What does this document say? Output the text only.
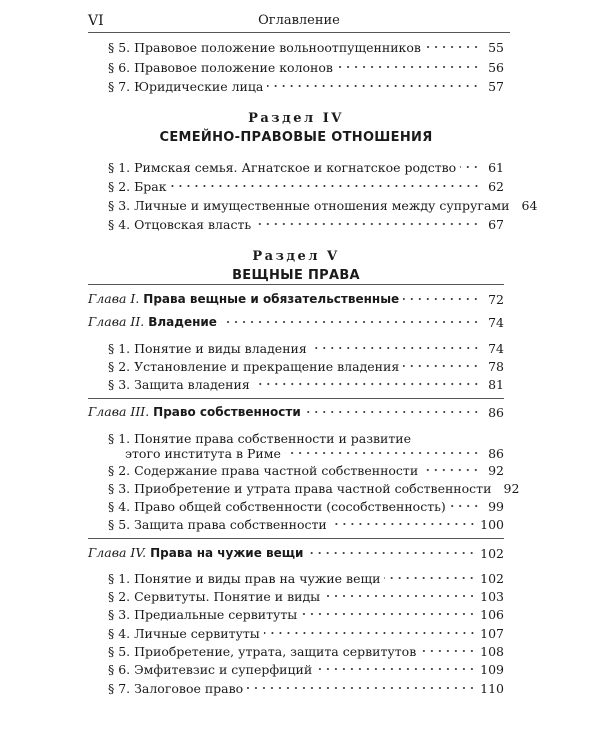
VI	Оглавление
§ 5. Правовое положение вольноотпущенников	55
§ 6. Правовое положение колонов	56
§ 7. Юридические лица	57
Раздел IV
СЕМЕЙНО-ПРАВОВЫЕ ОТНОШЕНИЯ
§ 1. Римская семья. Агнатское и когнатское родство	61
§ 2. Брак	62
§ 3. Личные и имущественные отношения между супругами 64
§ 4. Отцовская власть	67
Раздел V
ВЕЩНЫЕ ПРАВА
Глава I. Права вещные и обязательственные	72
Глава II. Владение	74
§ 1. Понятие и виды владения	74
§ 2. Установление и прекращение владения	78
§ 3. Защита владения	81
Глава III. Право собственности	86
§ 1. Понятие права собственности и развитие
этого института в Риме	86
§ 2. Содержание права частной собственности	92
§ 3. Приобретение и утрата права частной собственности 92
§ 4. Право общей собственности (сособственность)	99
§ 5. Защита права собственности	100
Глава IV. Права на чужие вещи	102
§ 1. Понятие и виды прав на чужие вещи	102
§ 2. Сервитуты. Понятие и виды	103
§ 3. Предиальные сервитуты	106
§ 4. Личные сервитуты	107
§ 5. Приобретение, утрата, защита сервитутов	108
§ 6. Эмфитевзис и суперфиций	109
§ 7. Залоговое право	110
